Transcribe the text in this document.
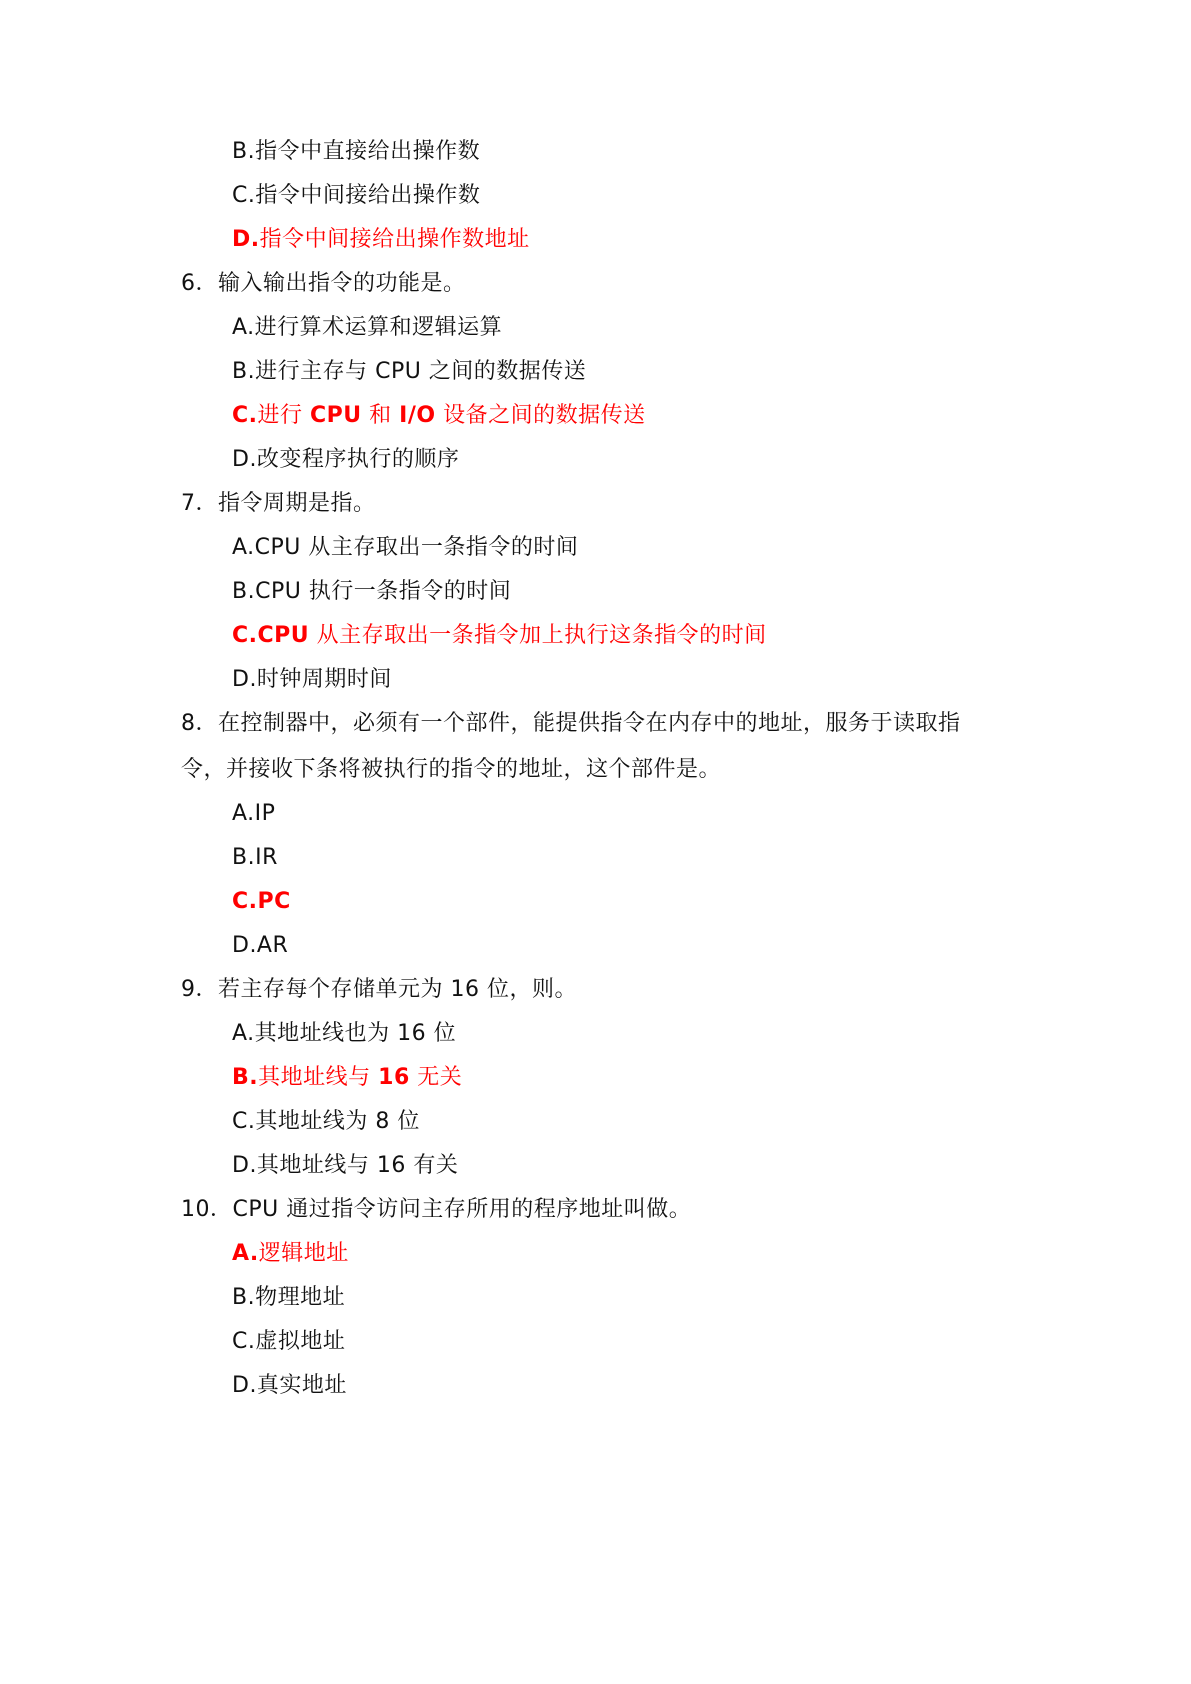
B.指令中直接给出操作数
C.指令中间接给出操作数
D.指令中间接给出操作数地址
6．输入输出指令的功能是。
A.进行算术运算和逻辑运算
B.进行主存与 CPU 之间的数据传送
C.进行 CPU 和 I/O 设备之间的数据传送
D.改变程序执行的顺序
7．指令周期是指。
A.CPU 从主存取出一条指令的时间
B.CPU 执行一条指令的时间
C.CPU 从主存取出一条指令加上执行这条指令的时间
D.时钟周期时间
8．在控制器中，必须有一个部件，能提供指令在内存中的地址，服务于读取指
令，并接收下条将被执行的指令的地址，这个部件是。
A.IP
B.IR
C.PC
D.AR
9．若主存每个存储单元为 16 位，则。
A.其地址线也为 16 位
B.其地址线与 16 无关
C.其地址线为 8 位
D.其地址线与 16 有关
10．CPU 通过指令访问主存所用的程序地址叫做。
A.逻辑地址
B.物理地址
C.虚拟地址
D.真实地址
